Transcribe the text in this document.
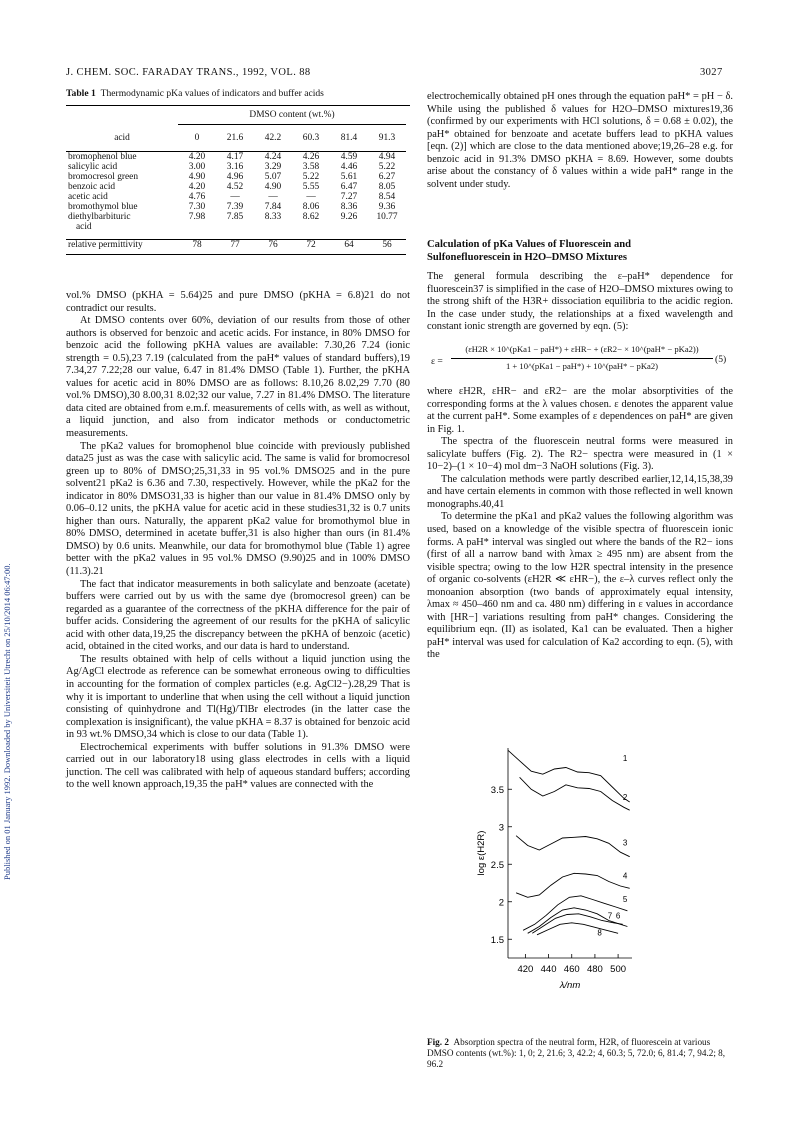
Published on 01 January 1992. Downloaded by Universiteit Utrecht on 25/10/2014 06:47:00.
J. CHEM. SOC. FARADAY TRANS., 1992, VOL. 88	3027
Table 1 Thermodynamic pKa values of indicators and buffer acids
	DMSO content (wt.%)					

acid	0	21.6	42.2	60.3	81.4	91.3

bromophenol blue	4.20	4.17	4.24	4.26	4.59	4.94
salicylic acid	3.00	3.16	3.29	3.58	4.46	5.22
bromocresol green	4.90	4.96	5.07	5.22	5.61	6.27
benzoic acid	4.20	4.52	4.90	5.55	6.47	8.05
acetic acid	4.76	—	—	—	7.27	8.54
bromothymol blue	7.30	7.39	7.84	8.06	8.36	9.36
diethylbarbituric	7.98	7.85	8.33	8.62	9.26	10.77
acid						

relative permittivity	78	77	76	72	64	56

vol.% DMSO (pKHA = 5.64)25 and pure DMSO (pKHA = 6.8)21 do not contradict our results.

At DMSO contents over 60%, deviation of our results from those of other authors is observed for benzoic and acetic acids. For instance, in 80% DMSO for benzoic acid the following pKHA values are available: 7.30,26 7.24 (ionic strength = 0.5),23 7.19 (calculated from the paH* values of standard buffers),19 7.34,27 7.22;28 our value, 6.47 in 81.4% DMSO (Table 1). Further, the pKHA values for acetic acid in 80% DMSO are as follows: 8.10,26 8.02,29 7.70 (80 vol.% DMSO),30 8.00,31 8.02;32 our value, 7.27 in 81.4% DMSO. The literature data cited are obtained from e.m.f. measurements of cells with, as well as without, a liquid junction, and also from indicator methods or conductometric measurements.

The pKa2 values for bromophenol blue coincide with previously published data25 just as was the case with salicylic acid. The same is valid for bromocresol green up to 80% of DMSO;25,31,33 in 95 vol.% DMSO25 and in the pure solvent21 pKa2 is 6.36 and 7.30, respectively. However, while the pKa2 for the indicator in 80% DMSO31,33 is higher than our value in 81.4% DMSO only by 0.06–0.12 units, the pKHA value for acetic acid in these studies31,32 is 0.7 units higher than ours. Naturally, the apparent pKa2 value for bromothymol blue in 80% DMSO, determined in acetate buffer,31 is also higher than ours (in 81.4% DMSO) by 0.6 units. Meanwhile, our data for bromothymol blue (Table 1) agree better with the pKa2 values in 95 vol.% DMSO (9.90)25 and in 100% DMSO (11.3).21

The fact that indicator measurements in both salicylate and benzoate (acetate) buffers were carried out by us with the same dye (bromocresol green) can be regarded as a guarantee of the correctness of the pKHA difference for the pair of buffer acids. Considering the agreement of our results for the pKHA of salicylic acid with other data,19,25 the discrepancy between the pKHA of benzoic (acetic) acid, obtained in the cited works, and our data is hard to understand.

The results obtained with help of cells without a liquid junction using the Ag/AgCl electrode as reference can be somewhat erroneous owing to difficulties in accounting for the formation of complex particles (e.g. AgCl2−).28,29 That is why it is important to underline that when using the cell without a liquid junction consisting of quinhydrone and Tl(Hg)/TlBr electrodes (in the latter case the complexation is insignificant), the value pKHA = 8.37 is obtained for benzoic acid in 93 wt.% DMSO,34 which is close to our data (Table 1).

Electrochemical experiments with buffer solutions in 91.3% DMSO were carried out in our laboratory18 using glass electrodes in cells with a liquid junction. The cell was calibrated with help of aqueous standard buffers; according to the well known approach,19,35 the paH* values are connected with the

electrochemically obtained pH ones through the equation paH* = pH − δ. While using the published δ values for H2O–DMSO mixtures19,36 (confirmed by our experiments with HCl solutions, δ = 0.68 ± 0.02), the paH* obtained for benzoate and acetate buffers lead to pKHA values [eqn. (2)] which are close to the data mentioned above;19,26–28 e.g. for benzoic acid in 91.3% DMSO pKHA = 8.69. However, some doubts arise about the constancy of δ values within a wide paH* range in the solvent under study.

Calculation of pKa Values of Fluorescein and
Sulfonefluorescein in H2O–DMSO Mixtures

The general formula describing the ε–paH* dependence for fluorescein37 is simplified in the case of H2O–DMSO mixtures owing to the strong shift of the H3R+ dissociation equilibria to the acidic region. In the case under study, the relationships at a fixed wavelength and constant ionic strength are governed by eqn. (5):

ε =
(εH2R × 10^(pKa1 − paH*) + εHR− + (εR2− × 10^(paH* − pKa2))
1 + 10^(pKa1 − paH*) + 10^(paH* − pKa2)
(5)

where εH2R, εHR− and εR2− are the molar absorptivities of the corresponding forms at the λ values chosen. ε denotes the apparent value at the current paH*. Some examples of ε dependences on paH* are given in Fig. 1.

The spectra of the fluorescein neutral forms were measured in salicylate buffers (Fig. 2). The R2− spectra were measured in (1 × 10−2)–(1 × 10−4) mol dm−3 NaOH solutions (Fig. 3).

The calculation methods were partly described earlier,12,14,15,38,39 and have certain elements in common with those reflected in well known monographs.40,41

To determine the pKa1 and pKa2 values the following algorithm was used, based on a knowledge of the visible spectra of fluorescein ionic forms. A paH* interval was singled out where the bands of the R2− ions (first of all a narrow band with λmax ≥ 495 nm) are absent from the visible spectra; owing to the low H2R spectral intensity in the presence of organic co-solvents (εH2R ≪ εHR−), the ε–λ curves reflect only the monoanion absorption (two bands of approximately equal intensity, λmax ≈ 450–460 nm and ca. 480 nm) differing in ε values in accordance with [HR−] variations resulting from paH* changes. Considering the equilibrium eqn. (II) as isolated, Ka1 can be evaluated. Then a higher paH* interval was used for calculation of Ka2 according to eqn. (5), with the

1.5
2
2.5
3
3.5
420 440 460 480 500
λ/nm
log ε(H2R)
1
2
3
4
5
6
7
8
Fig. 2 Absorption spectra of the neutral form, H2R, of fluorescein at various DMSO contents (wt.%): 1, 0; 2, 21.6; 3, 42.2; 4, 60.3; 5, 72.0; 6, 81.4; 7, 94.2; 8, 96.2
